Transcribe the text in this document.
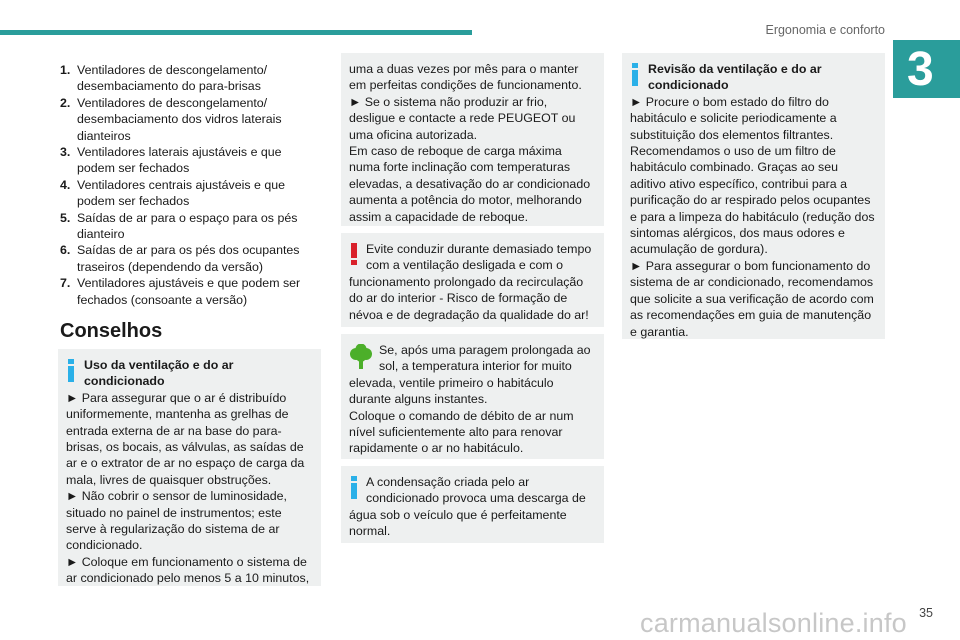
Ergonomia e conforto
3
1. Ventiladores de descongelamento/ desembaciamento do para-brisas
2. Ventiladores de descongelamento/ desembaciamento dos vidros laterais dianteiros
3. Ventiladores laterais ajustáveis e que podem ser fechados
4. Ventiladores centrais ajustáveis e que podem ser fechados
5. Saídas de ar para o espaço para os pés dianteiro
6. Saídas de ar para os pés dos ocupantes traseiros (dependendo da versão)
7. Ventiladores ajustáveis e que podem ser fechados (consoante a versão)
Conselhos

Uso da ventilação e do ar condicionado

► Para assegurar que o ar é distribuído uniformemente, mantenha as grelhas de entrada externa de ar na base do para-brisas, os bocais, as válvulas, as saídas de ar e o extrator de ar no espaço de carga da mala, livres de quaisquer obstruções.

► Não cobrir o sensor de luminosidade, situado no painel de instrumentos; este serve à regularização do sistema de ar condicionado.

► Coloque em funcionamento o sistema de ar condicionado pelo menos 5 a 10 minutos,

uma a duas vezes por mês para o manter em perfeitas condições de funcionamento.

► Se o sistema não produzir ar frio, desligue e contacte a rede PEUGEOT ou uma oficina autorizada.

Em caso de reboque de carga máxima numa forte inclinação com temperaturas elevadas, a desativação do ar condicionado aumenta a potência do motor, melhorando assim a capacidade de reboque.

Evite conduzir durante demasiado tempo com a ventilação desligada e com o funcionamento prolongado da recirculação do ar do interior - Risco de formação de névoa e de degradação da qualidade do ar!

Se, após uma paragem prolongada ao sol, a temperatura interior for muito elevada, ventile primeiro o habitáculo durante alguns instantes.

Coloque o comando de débito de ar num nível suficientemente alto para renovar rapidamente o ar no habitáculo.

A condensação criada pelo ar condicionado provoca uma descarga de água sob o veículo que é perfeitamente normal.

Revisão da ventilação e do ar condicionado

► Procure o bom estado do filtro do habitáculo e solicite periodicamente a substituição dos elementos filtrantes.

Recomendamos o uso de um filtro de habitáculo combinado. Graças ao seu aditivo ativo específico, contribui para a purificação do ar respirado pelos ocupantes e para a limpeza do habitáculo (redução dos sintomas alérgicos, dos maus odores e acumulação de gordura).

► Para assegurar o bom funcionamento do sistema de ar condicionado, recomendamos que solicite a sua verificação de acordo com as recomendações em guia de manutenção e garantia.

carmanualsonline.info 35
